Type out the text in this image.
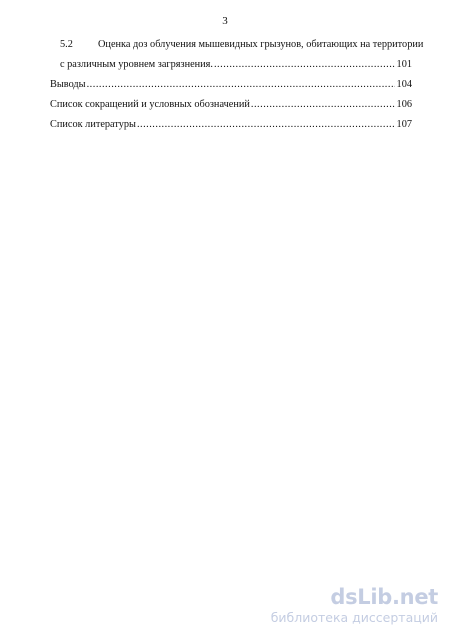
3
5.2	Оценка доз облучения мышевидных грызунов, обитающих на территории
с различным уровнем загрязнения. .....	101
Выводы .....	104
Список сокращений и условных обозначений .....	106
Список литературы .....	107
dsLib.net
библиотека диссертаций
